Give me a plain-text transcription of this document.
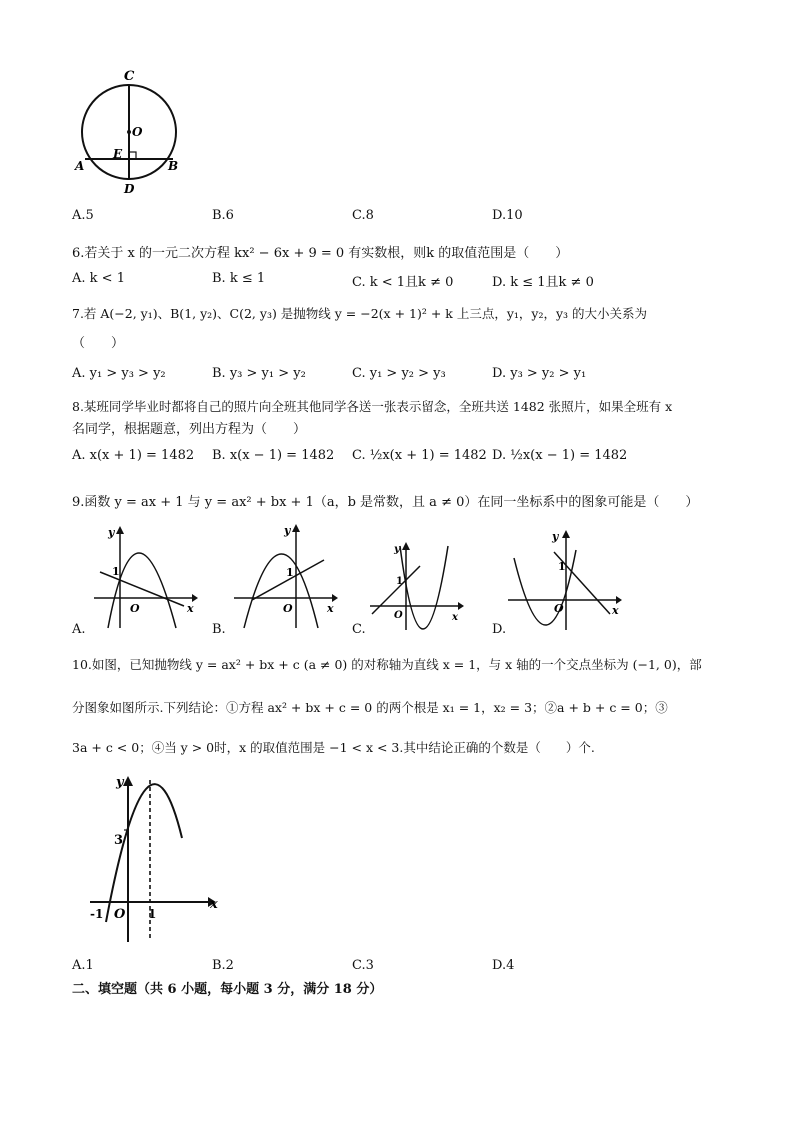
C
O
E
A	B
D
A.5	B.6	C.8	D.10
6.若关于 x 的一元二次方程 kx² − 6x + 9 = 0 有实数根，则k 的取值范围是（　　）
A. k < 1	B. k ≤ 1	C. k < 1且k ≠ 0	D. k ≤ 1且k ≠ 0
7.若 A(−2, y₁)、B(1, y₂)、C(2, y₃) 是抛物线 y = −2(x + 1)² + k 上三点，y₁，y₂，y₃ 的大小关系为
（　　）
A. y₁ > y₃ > y₂	B. y₃ > y₁ > y₂	C. y₁ > y₂ > y₃	D. y₃ > y₂ > y₁
8.某班同学毕业时都将自己的照片向全班其他同学各送一张表示留念，全班共送 1482 张照片，如果全班有 x
名同学，根据题意，列出方程为（　　）
A. x(x + 1) = 1482 B. x(x − 1) = 1482 C. ½x(x + 1) = 1482 D. ½x(x − 1) = 1482
9.函数 y = ax + 1 与 y = ax² + bx + 1（a，b 是常数，且 a ≠ 0）在同一坐标系中的图象可能是（　　）
y
x
1
O
A.
y
x
1
O
B.
y
x
1
O
C.
y
x
1
O
D.
10.如图，已知抛物线 y = ax² + bx + c (a ≠ 0) 的对称轴为直线 x = 1，与 x 轴的一个交点坐标为 (−1, 0)，部
分图象如图所示.下列结论：①方程 ax² + bx + c = 0 的两个根是 x₁ = 1，x₂ = 3；②a + b + c = 0；③
3a + c < 0；④当 y > 0时，x 的取值范围是 −1 < x < 3.其中结论正确的个数是（　　）个.
y
x
3
-1 O 1
A.1	B.2	C.3	D.4
二、填空题（共 6 小题，每小题 3 分，满分 18 分）
